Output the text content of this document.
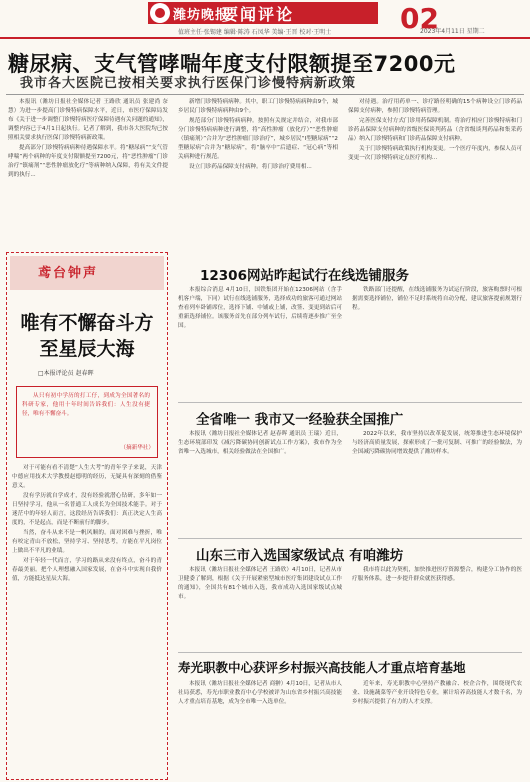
潍坊晚报
要闻评论	02
2023年4月11日 星期二
值班主任·张锡建 编辑·陈涛 石凤华 美编·王晋 校对·王明士
糖尿病、支气管哮喘年度支付限额提至7200元
我市各大医院已按相关要求执行医保门诊慢特病新政策

本报讯（潍坊日报社全媒体记者 王路欣 通讯员 张建尚 奈慧）为进一步提高门诊慢特病保障水平，近日，市医疗保障局发布《关于进一步调整门诊慢特病医疗保障待遇有关问题的通知》，调整内容已于4月1日起执行。记者了解到，我市各大医院均已按照相关要求执行医保门诊慢特病新政策。

提高部分门诊慢特病病种待遇保障水平。将“糖尿病”“支气管哮喘”两个病种的年度支付限额提至7200元，将“恶性肿瘤”门诊治疗“镇痛剂”“恶性肿瘤放化疗”等病种纳入保障，将有关文件提到的执行...

新增门诊慢特病病种。其中，职工门诊慢特病病种由9个，城乡居民门诊慢特病病种由9个。

规范部分门诊慢特病病种。按照有关规定并结合，对我市部分门诊慢特病病种进行调整，将“高性肿瘤（放化疗）”“恶性肿瘤（镇痛剂）”合并为“恶性肿瘤门诊治疗”，城乡居民“I型糖尿病”“2型糖尿病”合并为“糖尿病”，将“脑卒中”后遗症、“冠心病”等相关病种进行规范。

设立门诊药品保障支付病种。将门诊治疗费用相...

对待遇。治疗用药单一、诊疗路径明确的15个病种设立门诊药品保障支付病种，参照门诊慢特病管理。

完善医保支付方式门诊用药保障机制。将治疗相应门诊慢特病和门诊药品保障支付病种的省级医保谈判药品（含省级谈判药品和集采药品）纳入门诊慢特病和门诊药品保障支付病种。

关于门诊慢特病政策执行机构变更。一个医疗年度内，参保人员可变更一次门诊慢特病定点医疗机构...

鸢台钟声
唯有不懈奋斗方至星辰大海
□本报评论员 赵春晖

从只有初中学历的打工仔，到成为全国著名的科研专家，他用十年时间告诉我们：人生没有捷径，唯有不懈奋斗。

（摘新华社）

对于可能有看不清楚“人生大考”的青年学子来说，天津中德应用技术大学教授赵德明的经历，无疑具有深刻的借鉴意义。

没有学历就自学成才，没有经验就潜心钻研，多年如一日坚持学习，他从一名普通工人成长为全国技术能手。对于迷茫中的年轻人而言，这段经历告诉我们：真正决定人生高度的，不是起点，而是不断前行的脚步。

当然，奋斗从来不是一帆风顺的。面对困难与挫折，唯有咬定青山不放松，坚持学习、坚持思考，方能在平凡岗位上做出不平凡的业绩。

对于年轻一代而言，学习的路从来没有终点，奋斗的青春最美丽。把个人理想融入国家发展，在奋斗中实现自我价值，方能抵达星辰大海。

12306网站昨起试行在线选铺服务

本报综合消息 4月10日，国铁集团开始在12306网站（含手机客户端，下同）试行在线选铺服务，选择成功的旅客可通过网站查看列车卧铺席位，选择下铺、中铺或上铺，改签、变更到站后可重新选择铺位。该服务首先在部分列车试行，后续将逐步推广至全国。

铁路部门还提醒，在线选铺服务为试运行阶段，旅客购票时可根据需要选择铺位，铺位不足时系统将自动分配，建议旅客提前规划行程。

全省唯一 我市又一经验获全国推广

本报讯（潍坊日报社全媒体记者 赵春晖 通讯员 王瑞）近日，生态环境部印发《减污降碳协同创新试点工作方案》，我市作为全省唯一入选城市，相关经验做法在全国推广。

2022年以来，我市坚持以改革促发展，统筹推进生态环境保护与经济高质量发展，探索形成了一批可复制、可推广的经验做法，为全国减污降碳协同增效提供了潍坊样本。

山东三市入选国家级试点 有咱潍坊

本报讯（潍坊日报社全媒体记者 王路欣）4月10日，记者从市卫健委了解到，根据《关于开展紧密型城市医疗集团建设试点工作的通知》，全国共有81个城市入选，我市成功入选国家级试点城市。

我市将以此为契机，加快推进医疗资源整合，构建分工协作的医疗服务体系，进一步提升群众就医获得感。

寿光职教中心获评乡村振兴高技能人才重点培育基地

本报讯（潍坊日报社全媒体记者 商翀）4月10日，记者从市人社局获悉，寿光市职业教育中心学校被评为山东省乡村振兴高技能人才重点培育基地，成为全市唯一入选单位。

近年来，寿光职教中心坚持产教融合、校企合作，围绕现代农业、设施蔬菜等产业开设特色专业，累计培养高技能人才数千名，为乡村振兴提供了有力的人才支撑。
